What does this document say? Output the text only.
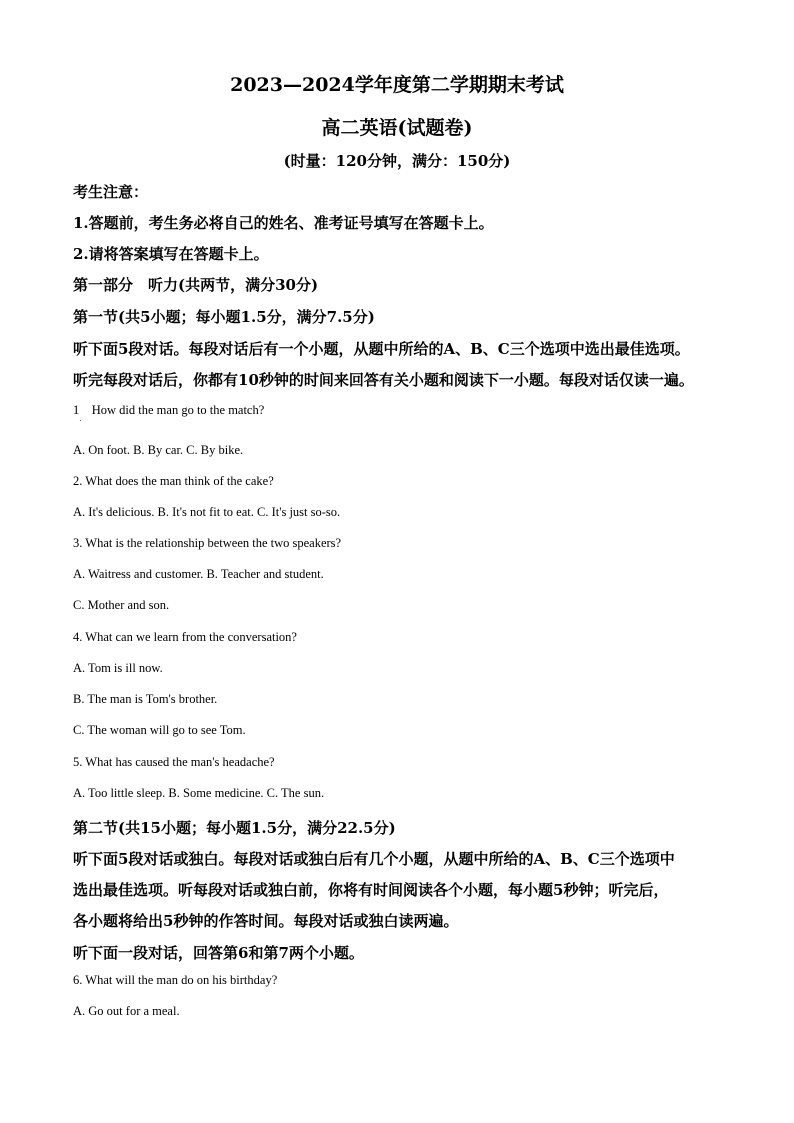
2023—2024学年度第二学期期末考试
高二英语(试题卷)
(时量：120分钟，满分：150分)
考生注意：
1.答题前，考生务必将自己的姓名、准考证号填写在答题卡上。
2.请将答案填写在答题卡上。
第一部分　听力(共两节，满分30分)
第一节(共5小题；每小题1.5分，满分7.5分)
听下面5段对话。每段对话后有一个小题，从题中所给的A、B、C三个选项中选出最佳选项。
听完每段对话后，你都有10秒钟的时间来回答有关小题和阅读下一小题。每段对话仅读一遍。
1　How did the man go to the match?
·
A. On foot. B. By car. C. By bike.
2. What does the man think of the cake?
A. It's delicious. B. It's not fit to eat. C. It's just so-so.
3. What is the relationship between the two speakers?
A. Waitress and customer. B. Teacher and student.
C. Mother and son.
4. What can we learn from the conversation?
A. Tom is ill now.
B. The man is Tom's brother.
C. The woman will go to see Tom.
5. What has caused the man's headache?
A. Too little sleep. B. Some medicine. C. The sun.
第二节(共15小题；每小题1.5分，满分22.5分)
听下面5段对话或独白。每段对话或独白后有几个小题，从题中所给的A、B、C三个选项中
选出最佳选项。听每段对话或独白前，你将有时间阅读各个小题，每小题5秒钟；听完后，
各小题将给出5秒钟的作答时间。每段对话或独白读两遍。
听下面一段对话，回答第6和第7两个小题。
6. What will the man do on his birthday?
A. Go out for a meal.
